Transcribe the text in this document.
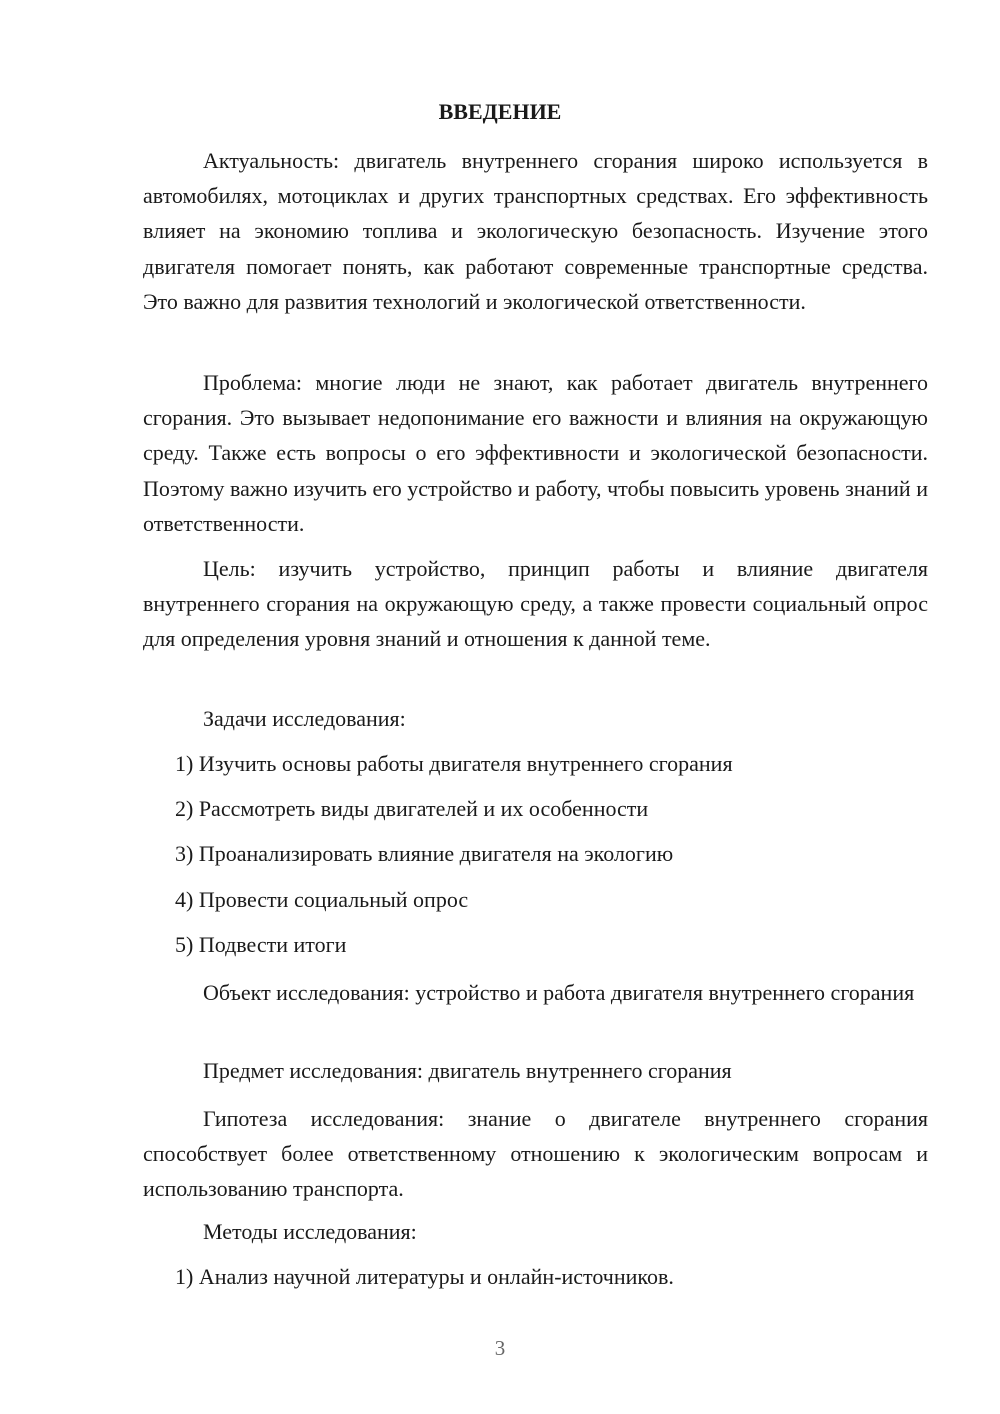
ВВЕДЕНИЕ

Актуальность: двигатель внутреннего сгорания широко используется в автомобилях, мотоциклах и других транспортных средствах. Его эффективность влияет на экономию топлива и экологическую безопасность. Изучение этого двигателя помогает понять, как работают современные транспортные средства. Это важно для развития технологий и экологической ответственности.

Проблема: многие люди не знают, как работает двигатель внутреннего сгорания. Это вызывает недопонимание его важности и влияния на окружающую среду. Также есть вопросы о его эффективности и экологической безопасности. Поэтому важно изучить его устройство и работу, чтобы повысить уровень знаний и ответственности.

Цель: изучить устройство, принцип работы и влияние двигателя внутреннего сгорания на окружающую среду, а также провести социальный опрос для определения уровня знаний и отношения к данной теме.

Задачи исследования:

1) Изучить основы работы двигателя внутреннего сгорания

2) Рассмотреть виды двигателей и их особенности

3) Проанализировать влияние двигателя на экологию

4) Провести социальный опрос

5) Подвести итоги

Объект исследования: устройство и работа двигателя внутреннего сгорания

Предмет исследования: двигатель внутреннего сгорания

Гипотеза исследования: знание о двигателе внутреннего сгорания способствует более ответственному отношению к экологическим вопросам и использованию транспорта.

Методы исследования:

1) Анализ научной литературы и онлайн-источников.

3
